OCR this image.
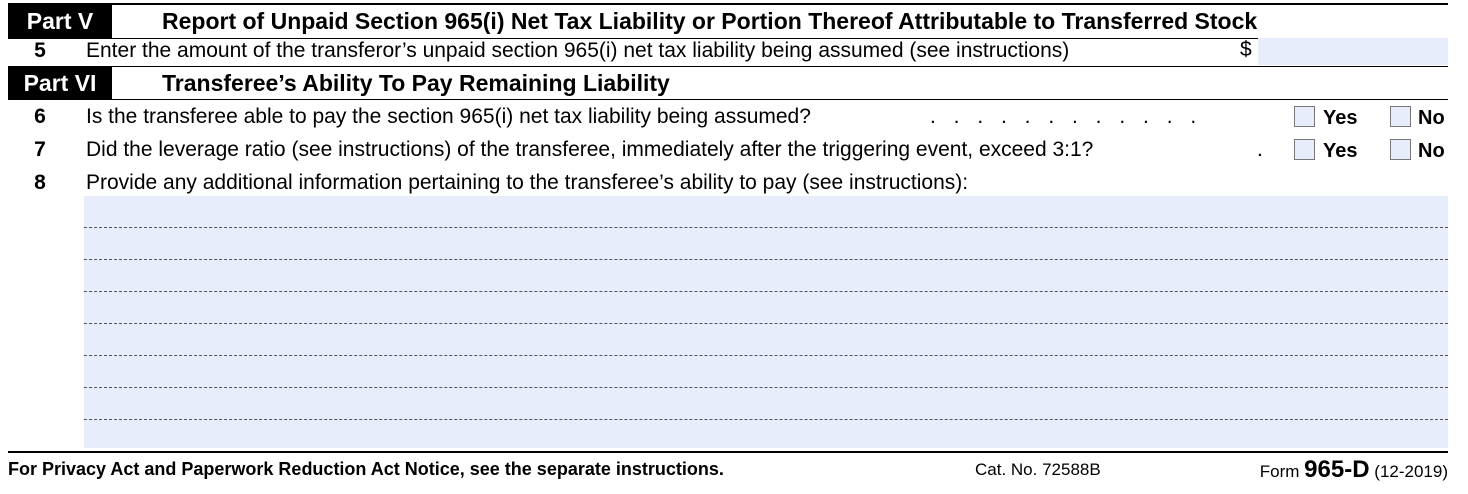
Part V	Report of Unpaid Section 965(i) Net Tax Liability or Portion Thereof Attributable to Transferred Stock
5	Enter the amount of the transferor’s unpaid section 965(i) net tax liability being assumed (see instructions)	$
Part VI	Transferee’s Ability To Pay Remaining Liability
6	Is the transferee able to pay the section 965(i) net tax liability being assumed?	. . . . . . . . . . . .	Yes	No
7	Did the leverage ratio (see instructions) of the transferee, immediately after the triggering event, exceed 3:1?	.	Yes	No
8	Provide any additional information pertaining to the transferee’s ability to pay (see instructions):
For Privacy Act and Paperwork Reduction Act Notice, see the separate instructions.	Cat. No. 72588B	Form 965-D (12-2019)
